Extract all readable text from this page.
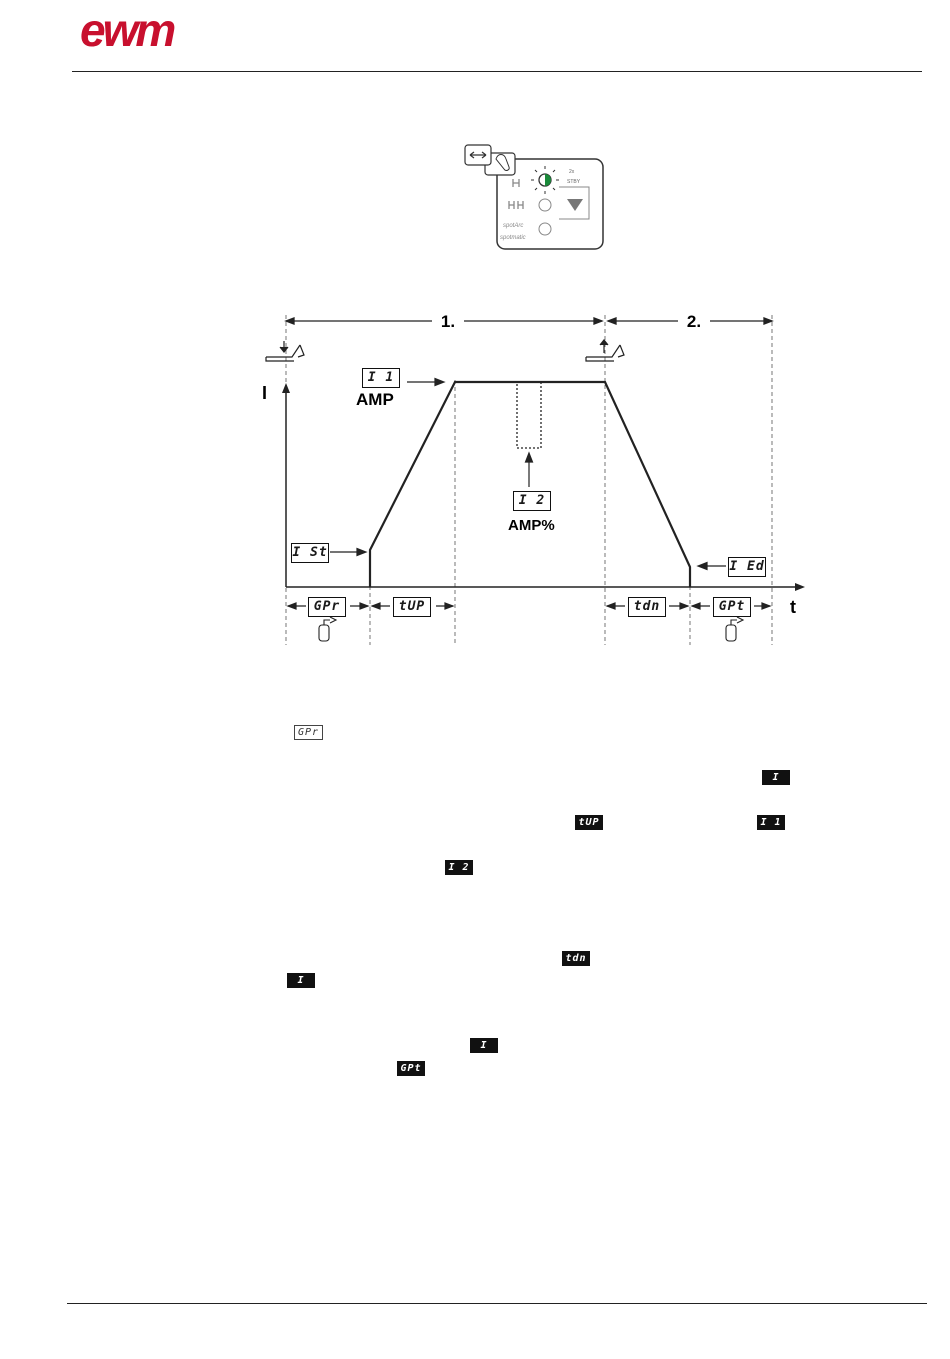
ewm
2x
STBY
spotArc
spotmatic
1.	2.
I
t
AMP
AMP%
I 1
I 2
I St
I Ed
GPr	tUP	tdn	GPt
GPr
I St
tUP	I 1
I 2
tdn
I Ed
I Ed
GPt
